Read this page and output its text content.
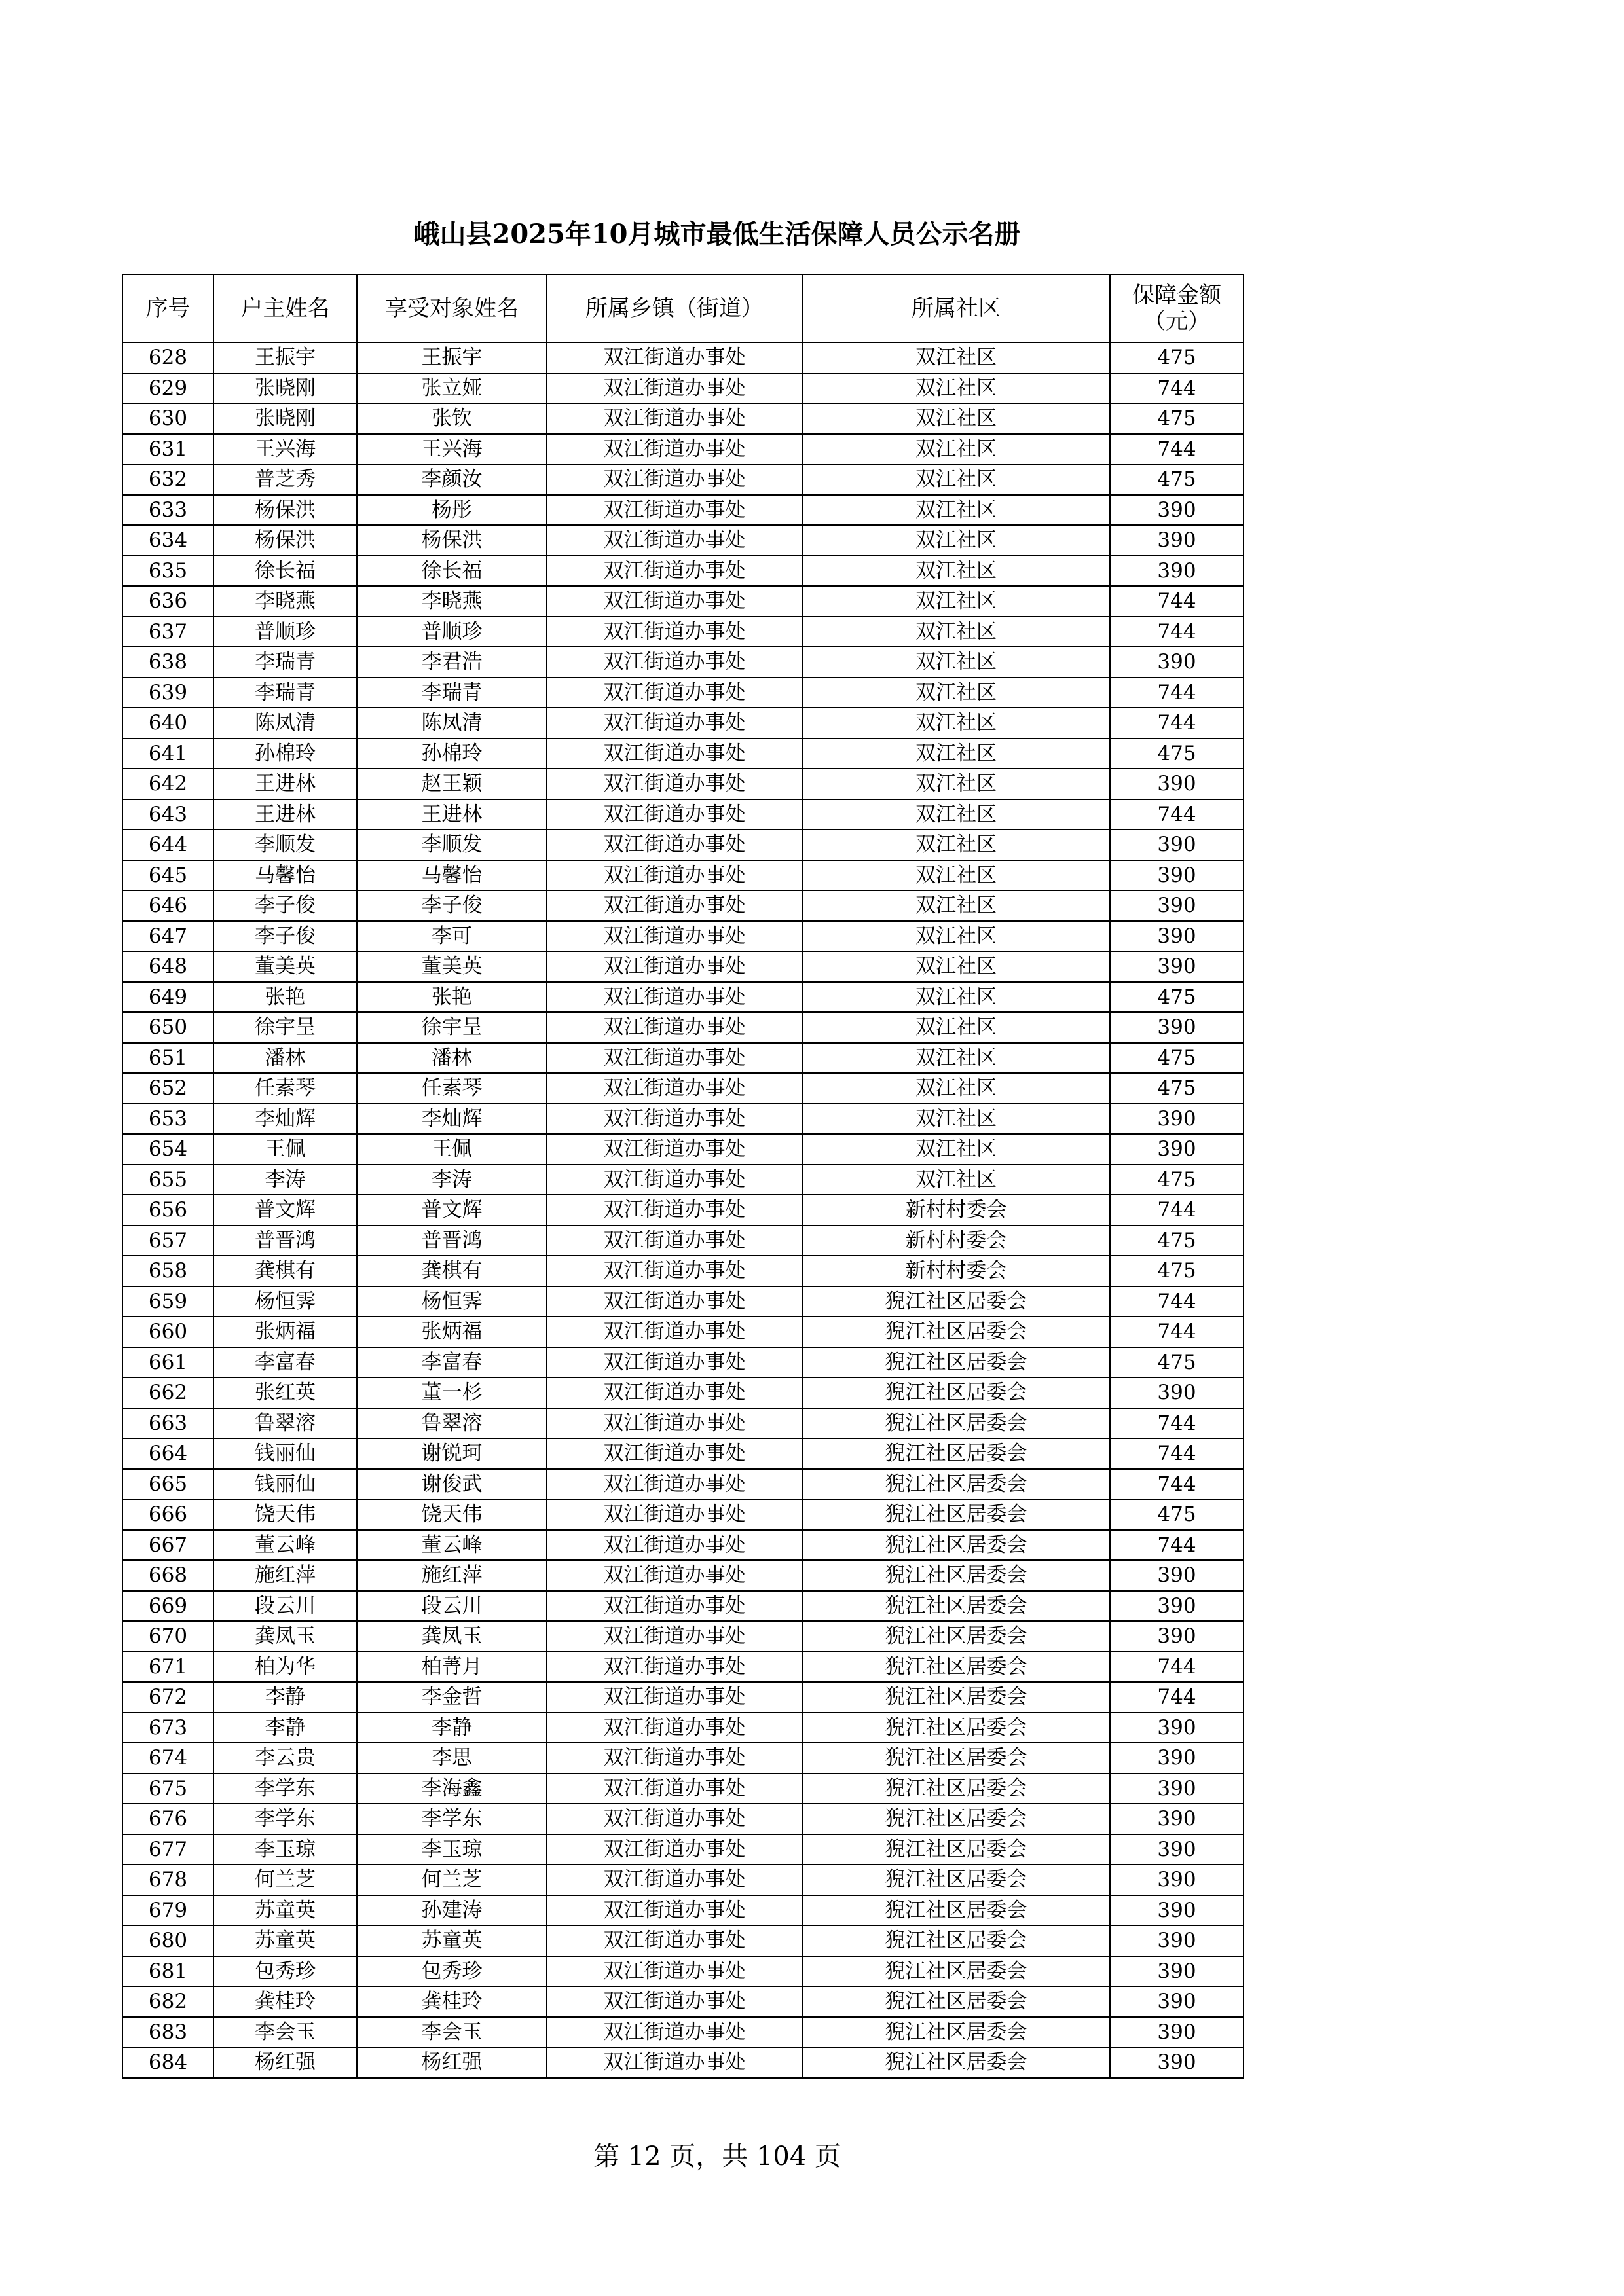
峨山县2025年10月城市最低生活保障人员公示名册
序号	户主姓名	享受对象姓名	所属乡镇（街道）	所属社区	保障金额
（元）

628	王振宇	王振宇	双江街道办事处	双江社区	475
629	张晓刚	张立娅	双江街道办事处	双江社区	744
630	张晓刚	张钦	双江街道办事处	双江社区	475
631	王兴海	王兴海	双江街道办事处	双江社区	744
632	普芝秀	李颜汝	双江街道办事处	双江社区	475
633	杨保洪	杨彤	双江街道办事处	双江社区	390
634	杨保洪	杨保洪	双江街道办事处	双江社区	390
635	徐长福	徐长福	双江街道办事处	双江社区	390
636	李晓燕	李晓燕	双江街道办事处	双江社区	744
637	普顺珍	普顺珍	双江街道办事处	双江社区	744
638	李瑞青	李君浩	双江街道办事处	双江社区	390
639	李瑞青	李瑞青	双江街道办事处	双江社区	744
640	陈凤清	陈凤清	双江街道办事处	双江社区	744
641	孙棉玲	孙棉玲	双江街道办事处	双江社区	475
642	王进林	赵王颖	双江街道办事处	双江社区	390
643	王进林	王进林	双江街道办事处	双江社区	744
644	李顺发	李顺发	双江街道办事处	双江社区	390
645	马馨怡	马馨怡	双江街道办事处	双江社区	390
646	李子俊	李子俊	双江街道办事处	双江社区	390
647	李子俊	李可	双江街道办事处	双江社区	390
648	董美英	董美英	双江街道办事处	双江社区	390
649	张艳	张艳	双江街道办事处	双江社区	475
650	徐宇呈	徐宇呈	双江街道办事处	双江社区	390
651	潘林	潘林	双江街道办事处	双江社区	475
652	任素琴	任素琴	双江街道办事处	双江社区	475
653	李灿辉	李灿辉	双江街道办事处	双江社区	390
654	王佩	王佩	双江街道办事处	双江社区	390
655	李涛	李涛	双江街道办事处	双江社区	475
656	普文辉	普文辉	双江街道办事处	新村村委会	744
657	普晋鸿	普晋鸿	双江街道办事处	新村村委会	475
658	龚棋有	龚棋有	双江街道办事处	新村村委会	475
659	杨恒霁	杨恒霁	双江街道办事处	猊江社区居委会	744
660	张炳福	张炳福	双江街道办事处	猊江社区居委会	744
661	李富春	李富春	双江街道办事处	猊江社区居委会	475
662	张红英	董一杉	双江街道办事处	猊江社区居委会	390
663	鲁翠溶	鲁翠溶	双江街道办事处	猊江社区居委会	744
664	钱丽仙	谢锐珂	双江街道办事处	猊江社区居委会	744
665	钱丽仙	谢俊武	双江街道办事处	猊江社区居委会	744
666	饶天伟	饶天伟	双江街道办事处	猊江社区居委会	475
667	董云峰	董云峰	双江街道办事处	猊江社区居委会	744
668	施红萍	施红萍	双江街道办事处	猊江社区居委会	390
669	段云川	段云川	双江街道办事处	猊江社区居委会	390
670	龚凤玉	龚凤玉	双江街道办事处	猊江社区居委会	390
671	柏为华	柏菁月	双江街道办事处	猊江社区居委会	744
672	李静	李金哲	双江街道办事处	猊江社区居委会	744
673	李静	李静	双江街道办事处	猊江社区居委会	390
674	李云贵	李思	双江街道办事处	猊江社区居委会	390
675	李学东	李海鑫	双江街道办事处	猊江社区居委会	390
676	李学东	李学东	双江街道办事处	猊江社区居委会	390
677	李玉琼	李玉琼	双江街道办事处	猊江社区居委会	390
678	何兰芝	何兰芝	双江街道办事处	猊江社区居委会	390
679	苏童英	孙建涛	双江街道办事处	猊江社区居委会	390
680	苏童英	苏童英	双江街道办事处	猊江社区居委会	390
681	包秀珍	包秀珍	双江街道办事处	猊江社区居委会	390
682	龚桂玲	龚桂玲	双江街道办事处	猊江社区居委会	390
683	李会玉	李会玉	双江街道办事处	猊江社区居委会	390
684	杨红强	杨红强	双江街道办事处	猊江社区居委会	390
第 12 页，共 104 页
